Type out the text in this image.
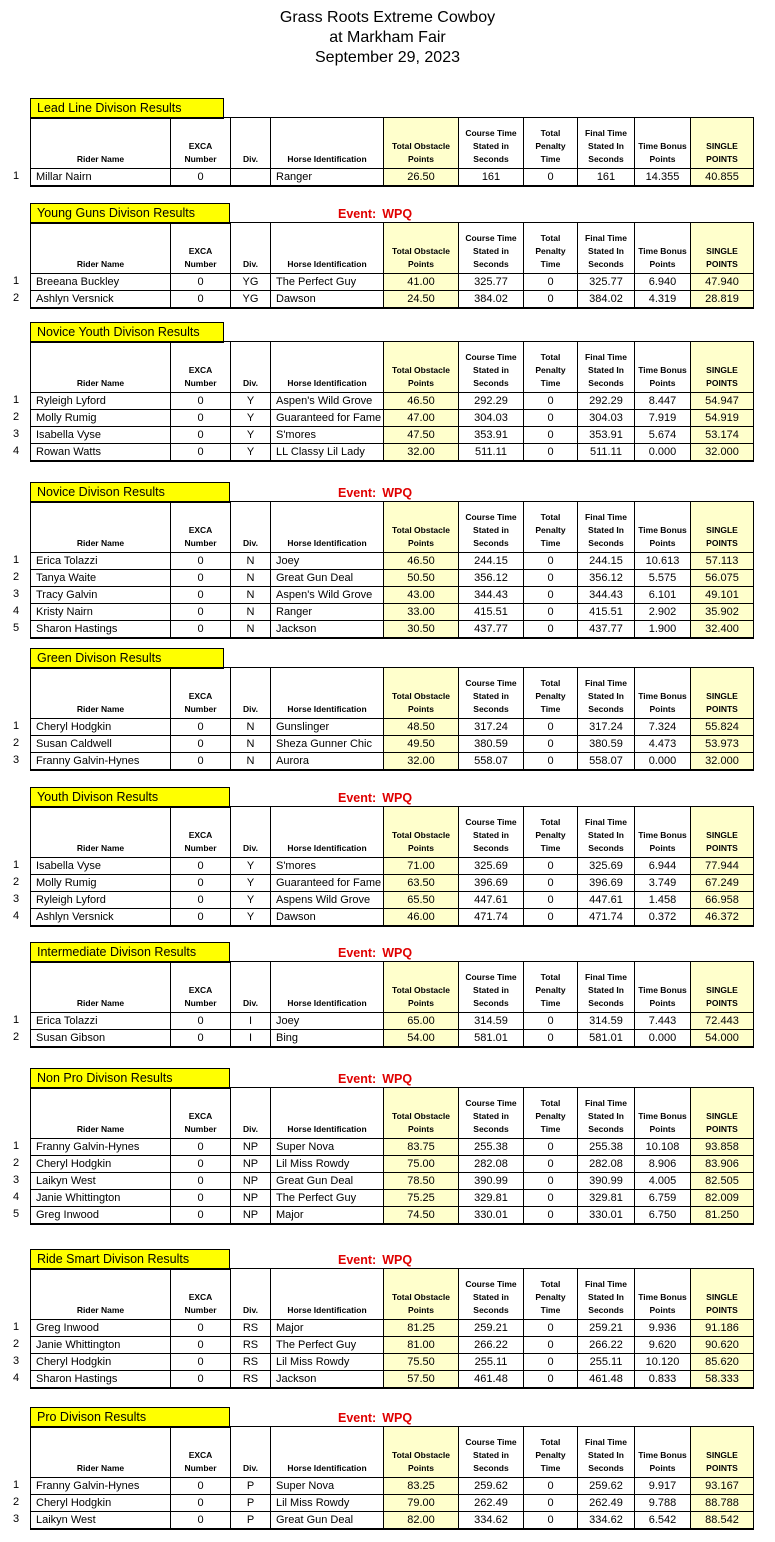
Grass Roots Extreme Cowboy
at Markham Fair
September 29, 2023
Lead Line Divison Results
1
Rider Name	EXCA Number	Div.	Horse Identification	Total Obstacle Points	Course Time Stated in Seconds	Total Penalty Time	Final Time Stated In Seconds	Time Bonus Points	SINGLE POINTS
Millar Nairn	0		Ranger	26.50	161	0	161	14.355	40.855
Young Guns Divison Results	Event: WPQ
1
2
Rider Name	EXCA Number	Div.	Horse Identification	Total Obstacle Points	Course Time Stated in Seconds	Total Penalty Time	Final Time Stated In Seconds	Time Bonus Points	SINGLE POINTS
Breeana Buckley	0	YG	The Perfect Guy	41.00	325.77	0	325.77	6.940	47.940
Ashlyn Versnick	0	YG	Dawson	24.50	384.02	0	384.02	4.319	28.819
Novice Youth Divison Results
1
2
3
4
Rider Name	EXCA Number	Div.	Horse Identification	Total Obstacle Points	Course Time Stated in Seconds	Total Penalty Time	Final Time Stated In Seconds	Time Bonus Points	SINGLE POINTS
Ryleigh Lyford	0	Y	Aspen's Wild Grove	46.50	292.29	0	292.29	8.447	54.947
Molly Rumig	0	Y	Guaranteed for Fame	47.00	304.03	0	304.03	7.919	54.919
Isabella Vyse	0	Y	S'mores	47.50	353.91	0	353.91	5.674	53.174
Rowan Watts	0	Y	LL Classy Lil Lady	32.00	511.11	0	511.11	0.000	32.000
Novice Divison Results	Event: WPQ
1
2
3
4
5
Rider Name	EXCA Number	Div.	Horse Identification	Total Obstacle Points	Course Time Stated in Seconds	Total Penalty Time	Final Time Stated In Seconds	Time Bonus Points	SINGLE POINTS
Erica Tolazzi	0	N	Joey	46.50	244.15	0	244.15	10.613	57.113
Tanya Waite	0	N	Great Gun Deal	50.50	356.12	0	356.12	5.575	56.075
Tracy Galvin	0	N	Aspen's Wild Grove	43.00	344.43	0	344.43	6.101	49.101
Kristy Nairn	0	N	Ranger	33.00	415.51	0	415.51	2.902	35.902
Sharon Hastings	0	N	Jackson	30.50	437.77	0	437.77	1.900	32.400
Green Divison Results
1
2
3
Rider Name	EXCA Number	Div.	Horse Identification	Total Obstacle Points	Course Time Stated in Seconds	Total Penalty Time	Final Time Stated In Seconds	Time Bonus Points	SINGLE POINTS
Cheryl Hodgkin	0	N	Gunslinger	48.50	317.24	0	317.24	7.324	55.824
Susan Caldwell	0	N	Sheza Gunner Chic	49.50	380.59	0	380.59	4.473	53.973
Franny Galvin-Hynes	0	N	Aurora	32.00	558.07	0	558.07	0.000	32.000
Youth Divison Results	Event: WPQ
1
2
3
4
Rider Name	EXCA Number	Div.	Horse Identification	Total Obstacle Points	Course Time Stated in Seconds	Total Penalty Time	Final Time Stated In Seconds	Time Bonus Points	SINGLE POINTS
Isabella Vyse	0	Y	S'mores	71.00	325.69	0	325.69	6.944	77.944
Molly Rumig	0	Y	Guaranteed for Fame	63.50	396.69	0	396.69	3.749	67.249
Ryleigh Lyford	0	Y	Aspens Wild Grove	65.50	447.61	0	447.61	1.458	66.958
Ashlyn Versnick	0	Y	Dawson	46.00	471.74	0	471.74	0.372	46.372
Intermediate Divison Results	Event: WPQ
1
2
Rider Name	EXCA Number	Div.	Horse Identification	Total Obstacle Points	Course Time Stated in Seconds	Total Penalty Time	Final Time Stated In Seconds	Time Bonus Points	SINGLE POINTS
Erica Tolazzi	0	I	Joey	65.00	314.59	0	314.59	7.443	72.443
Susan Gibson	0	I	Bing	54.00	581.01	0	581.01	0.000	54.000
Non Pro Divison Results	Event: WPQ
1
2
3
4
5
Rider Name	EXCA Number	Div.	Horse Identification	Total Obstacle Points	Course Time Stated in Seconds	Total Penalty Time	Final Time Stated In Seconds	Time Bonus Points	SINGLE POINTS
Franny Galvin-Hynes	0	NP	Super Nova	83.75	255.38	0	255.38	10.108	93.858
Cheryl Hodgkin	0	NP	Lil Miss Rowdy	75.00	282.08	0	282.08	8.906	83.906
Laikyn West	0	NP	Great Gun Deal	78.50	390.99	0	390.99	4.005	82.505
Janie Whittington	0	NP	The Perfect Guy	75.25	329.81	0	329.81	6.759	82.009
Greg Inwood	0	NP	Major	74.50	330.01	0	330.01	6.750	81.250
Ride Smart Divison Results	Event: WPQ
1
2
3
4
Rider Name	EXCA Number	Div.	Horse Identification	Total Obstacle Points	Course Time Stated in Seconds	Total Penalty Time	Final Time Stated In Seconds	Time Bonus Points	SINGLE POINTS
Greg Inwood	0	RS	Major	81.25	259.21	0	259.21	9.936	91.186
Janie Whittington	0	RS	The Perfect Guy	81.00	266.22	0	266.22	9.620	90.620
Cheryl Hodgkin	0	RS	Lil Miss Rowdy	75.50	255.11	0	255.11	10.120	85.620
Sharon Hastings	0	RS	Jackson	57.50	461.48	0	461.48	0.833	58.333
Pro Divison Results	Event: WPQ
1
2
3
Rider Name	EXCA Number	Div.	Horse Identification	Total Obstacle Points	Course Time Stated in Seconds	Total Penalty Time	Final Time Stated In Seconds	Time Bonus Points	SINGLE POINTS
Franny Galvin-Hynes	0	P	Super Nova	83.25	259.62	0	259.62	9.917	93.167
Cheryl Hodgkin	0	P	Lil Miss Rowdy	79.00	262.49	0	262.49	9.788	88.788
Laikyn West	0	P	Great Gun Deal	82.00	334.62	0	334.62	6.542	88.542
